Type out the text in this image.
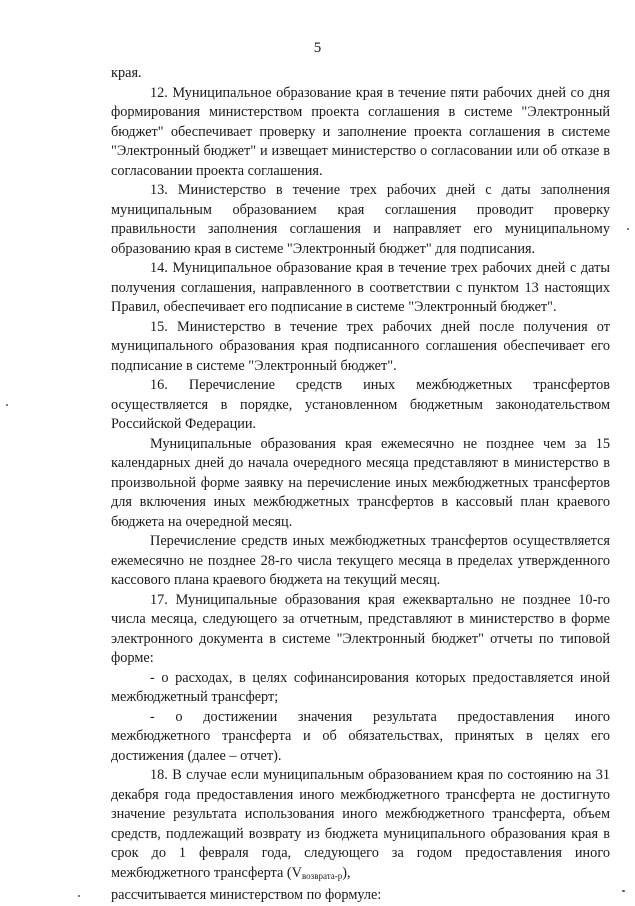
5

края.

12. Муниципальное образование края в течение пяти рабочих дней со дня формирования министерством проекта соглашения в системе "Электронный бюджет" обеспечивает проверку и заполнение проекта соглашения в системе "Электронный бюджет" и извещает министерство о согласовании или об отказе в согласовании проекта соглашения.

13. Министерство в течение трех рабочих дней с даты заполнения муниципальным образованием края соглашения проводит проверку правильности заполнения соглашения и направляет его муниципальному образованию края в системе "Электронный бюджет" для подписания.

14. Муниципальное образование края в течение трех рабочих дней с даты получения соглашения, направленного в соответствии с пунктом 13 настоящих Правил, обеспечивает его подписание в системе "Электронный бюджет".

15. Министерство в течение трех рабочих дней после получения от муниципального образования края подписанного соглашения обеспечивает его подписание в системе "Электронный бюджет".

16. Перечисление средств иных межбюджетных трансфертов осуществляется в порядке, установленном бюджетным законодательством Российской Федерации.

Муниципальные образования края ежемесячно не позднее чем за 15 календарных дней до начала очередного месяца представляют в министерство в произвольной форме заявку на перечисление иных межбюджетных трансфертов для включения иных межбюджетных трансфертов в кассовый план краевого бюджета на очередной месяц.

Перечисление средств иных межбюджетных трансфертов осуществляется ежемесячно не позднее 28-го числа текущего месяца в пределах утвержденного кассового плана краевого бюджета на текущий месяц.

17. Муниципальные образования края ежеквартально не позднее 10-го числа месяца, следующего за отчетным, представляют в министерство в форме электронного документа в системе "Электронный бюджет" отчеты по типовой форме:

- о расходах, в целях софинансирования которых предоставляется иной межбюджетный трансферт;

- о достижении значения результата предоставления иного межбюджетного трансферта и об обязательствах, принятых в целях его достижения (далее – отчет).

18. В случае если муниципальным образованием края по состоянию на 31 декабря года предоставления иного межбюджетного трансферта не достигнуто значение результата использования иного межбюджетного трансферта, объем средств, подлежащий возврату из бюджета муниципального образования края в срок до 1 февраля года, следующего за годом предоставления иного межбюджетного трансферта $(V_{возврата-р})$,

рассчитывается министерством по формуле:
